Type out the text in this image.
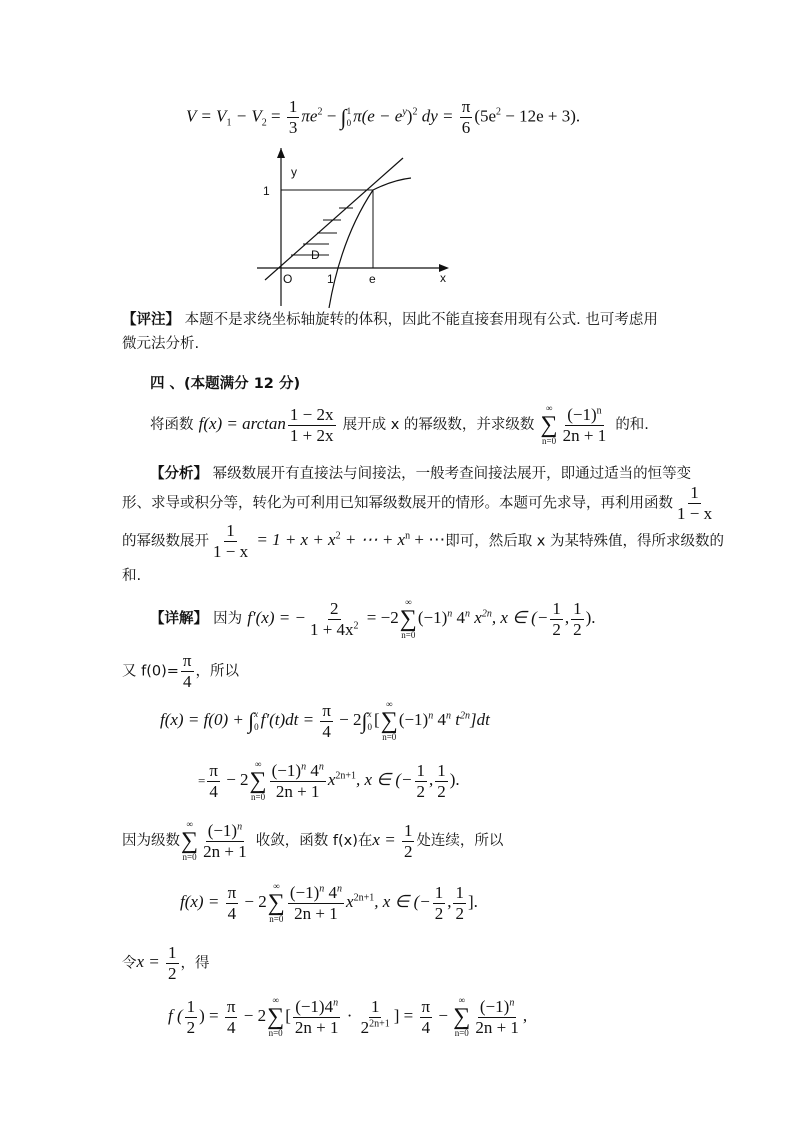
$V = V_1 - V_2 = \frac{1}{3} \pi e^2$ − ∫ 1
0 $\pi(e - e^y)^2$ dy = $\frac{\pi}{6} (5e^2 - 12e + 3)$.
y
x
O	1	e
1
D
【评注】 本题不是求绕坐标轴旋转的体积，因此不能直接套用现有公式. 也可考虑用
微元法分析.
四 、(本题满分 12 分)
将函数 $f(x) = \arctan \frac{1 - 2x}{1 + 2x}$ 展开成 x 的幂级数，并求级数
∞
∑
$n=0 \frac{(-1)^n}{2n + 1}$ 的和.
【分析】 幂级数展开有直接法与间接法，一般考查间接法展开，即通过适当的恒等变
形、求导或积分等，转化为可利用已知幂级数展开的情形。本题可先求导，再利用函数 $\frac{1}{1 - x}$
的幂级数展开 $\frac{1}{1 - x} = 1 + x + x^2$ + ⋯ + $x^n$ + ⋯即可，然后取 x 为某特殊值，得所求级数的
和.
【详解】 因为 f′(x) = − $\frac{2}{1 + 4x^2} = -2$
∞
∑
n=0
$(-1)^n$ 4$^n$ $x^{2n}$, x ∈ (− $\frac{1}{2}$ , $\frac{1}{2}$ ).
又 $f(0)= \frac{\pi}{4}$ ，所以
f(x) = f(0) + ∫ x
0 $f'(t)dt = \frac{\pi}{4} - 2\int$ x
0 [
∞
∑
n=0
$(-1)^n$ 4$^n$ $t^{2n}]dt$
= $\frac{\pi}{4} - 2$
∞
∑
$n=0 \frac{(-1)^n 4^n}{2n + 1} x^{2n+1}$, x ∈ (− $\frac{1}{2}$ , $\frac{1}{2}$ ).
因为级数
∞
∑
$n=0 \frac{(-1)^n}{2n + 1}$ 收敛，函数 f(x)在$x = \frac{1}{2}$ 处连续，所以
$f(x) = \frac{\pi}{4} - 2$
∞
∑
$n=0 \frac{(-1)^n 4^n}{2n + 1} x^{2n+1}$, x ∈ (− $\frac{1}{2}$ , $\frac{1}{2}$ ].
令$x = \frac{1}{2}$ ，得
f ( $\frac{1}{2}$ ) = $\frac{\pi}{4} - 2$
∞
∑
n=0
[ $\frac{(-1)4^n}{2n + 1} \cdot \frac{1}{2^{2n+1}}$ ] = $\frac{\pi}{4}$ −
∞
∑
$n=0 \frac{(-1)^n}{2n + 1}$ ,
